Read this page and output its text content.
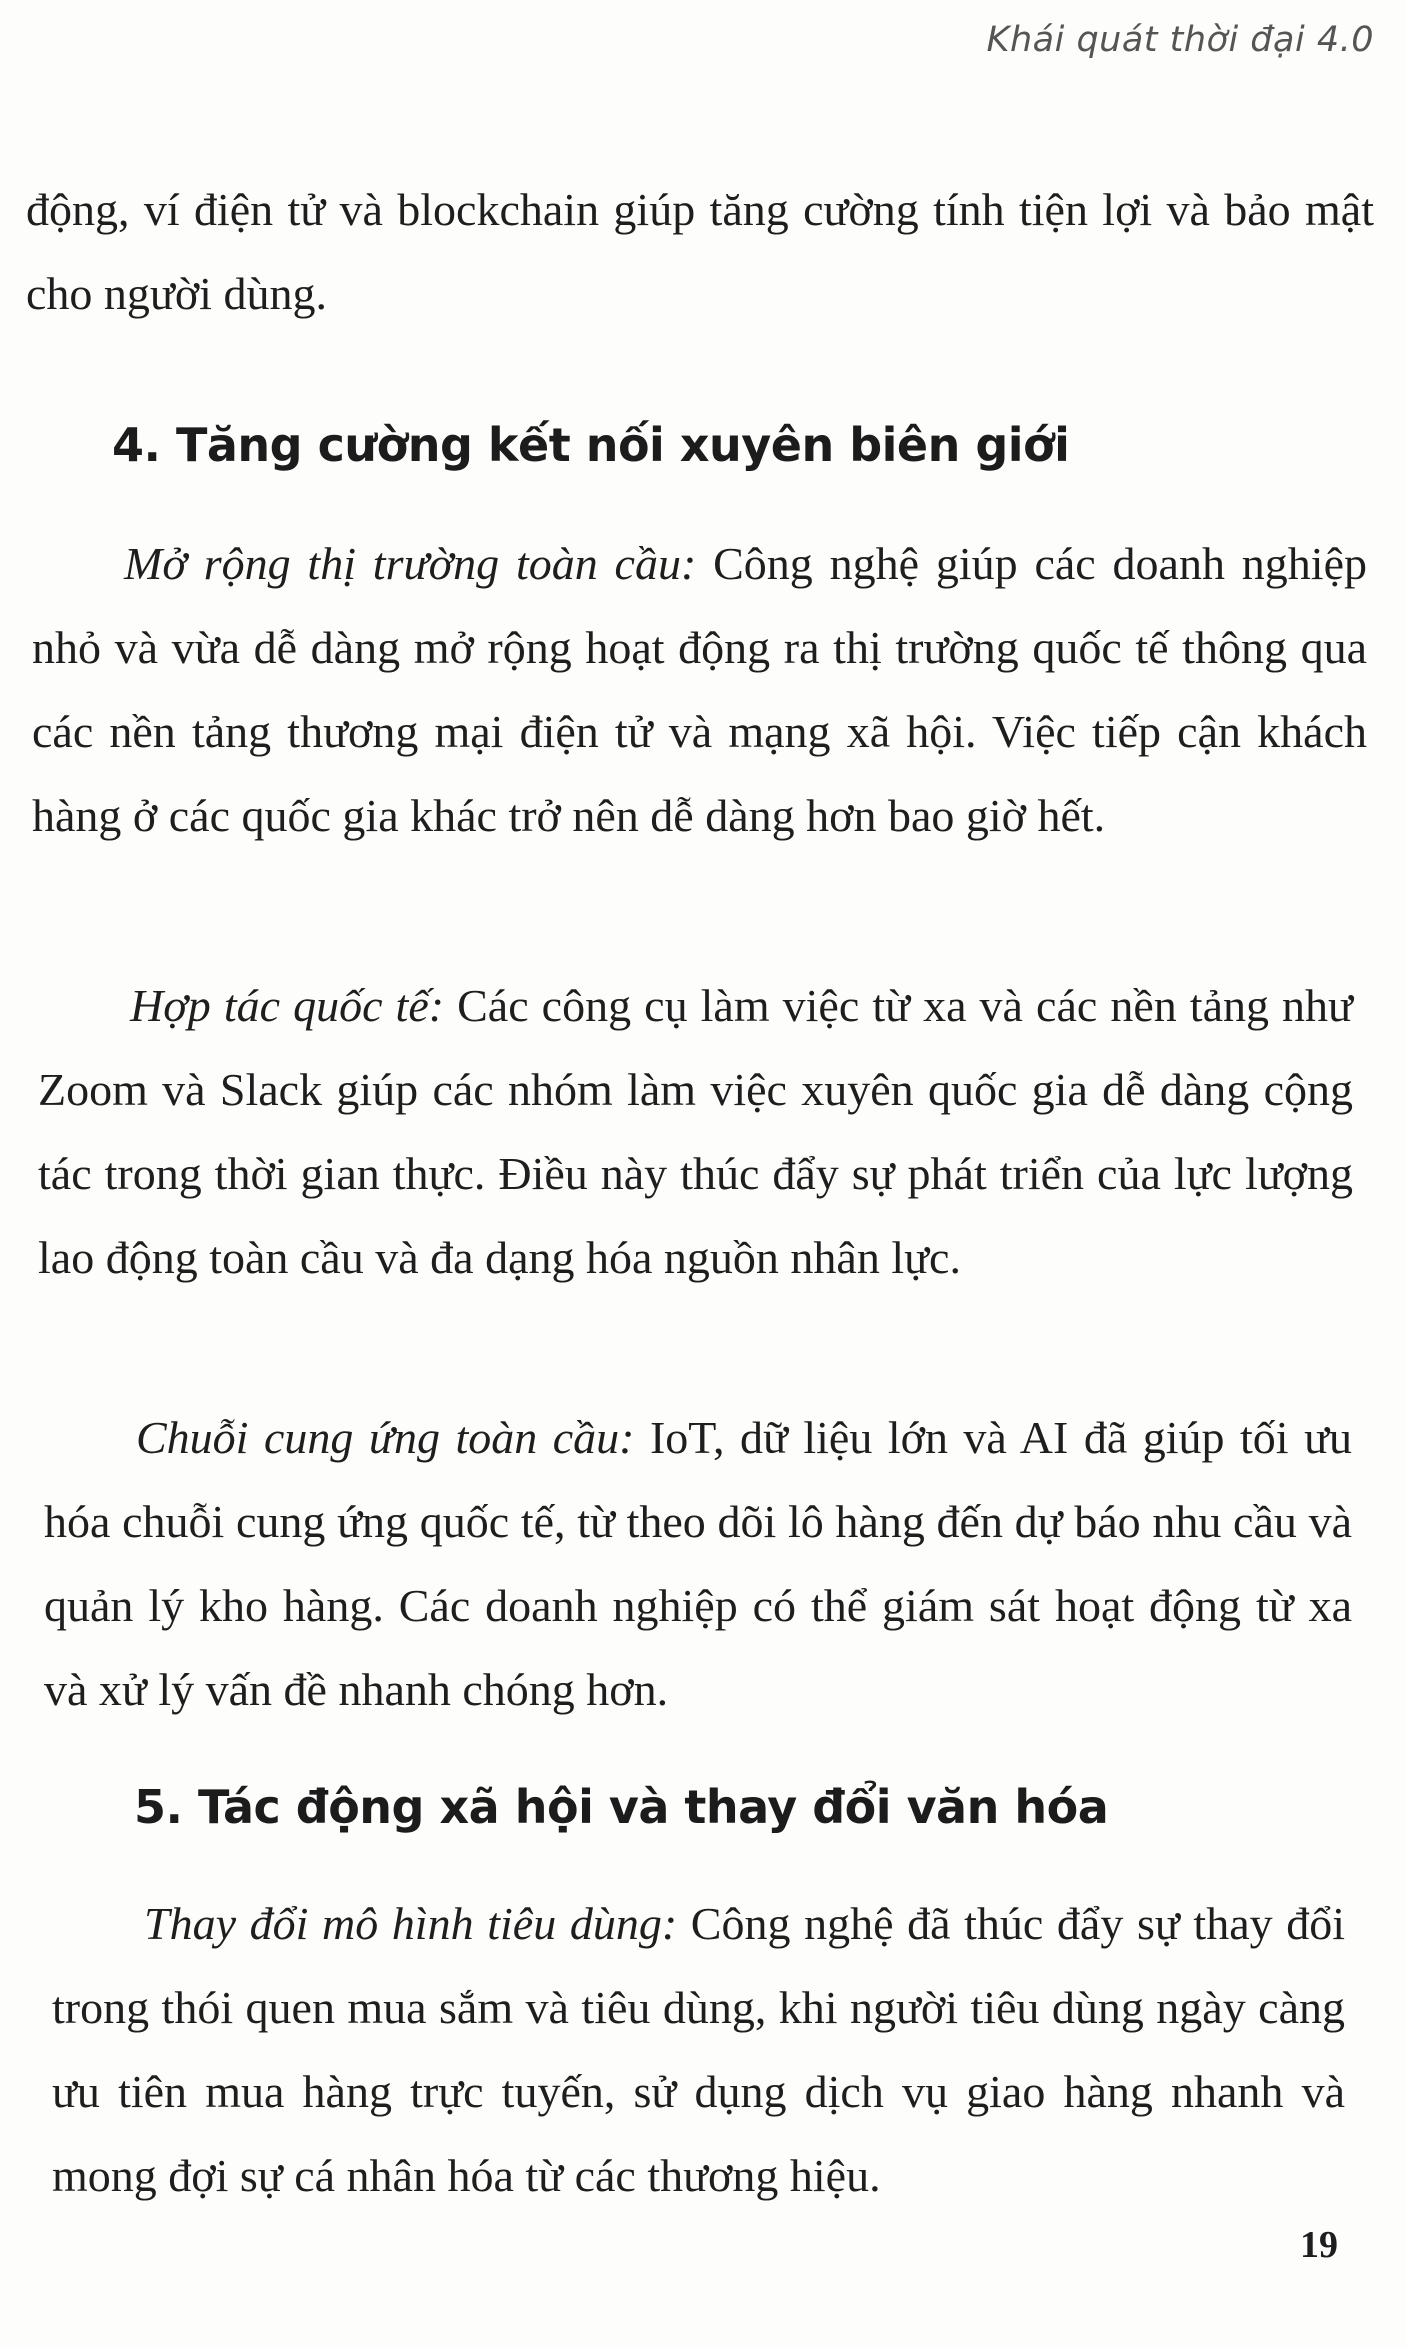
Khái quát thời đại 4.0

động, ví điện tử và blockchain giúp tăng cường tính tiện lợi và bảo mật cho người dùng.

4. Tăng cường kết nối xuyên biên giới

Mở rộng thị trường toàn cầu: Công nghệ giúp các doanh nghiệp nhỏ và vừa dễ dàng mở rộng hoạt động ra thị trường quốc tế thông qua các nền tảng thương mại điện tử và mạng xã hội. Việc tiếp cận khách hàng ở các quốc gia khác trở nên dễ dàng hơn bao giờ hết.

Hợp tác quốc tế: Các công cụ làm việc từ xa và các nền tảng như Zoom và Slack giúp các nhóm làm việc xuyên quốc gia dễ dàng cộng tác trong thời gian thực. Điều này thúc đẩy sự phát triển của lực lượng lao động toàn cầu và đa dạng hóa nguồn nhân lực.

Chuỗi cung ứng toàn cầu: IoT, dữ liệu lớn và AI đã giúp tối ưu hóa chuỗi cung ứng quốc tế, từ theo dõi lô hàng đến dự báo nhu cầu và quản lý kho hàng. Các doanh nghiệp có thể giám sát hoạt động từ xa và xử lý vấn đề nhanh chóng hơn.

5. Tác động xã hội và thay đổi văn hóa

Thay đổi mô hình tiêu dùng: Công nghệ đã thúc đẩy sự thay đổi trong thói quen mua sắm và tiêu dùng, khi người tiêu dùng ngày càng ưu tiên mua hàng trực tuyến, sử dụng dịch vụ giao hàng nhanh và mong đợi sự cá nhân hóa từ các thương hiệu.

19
